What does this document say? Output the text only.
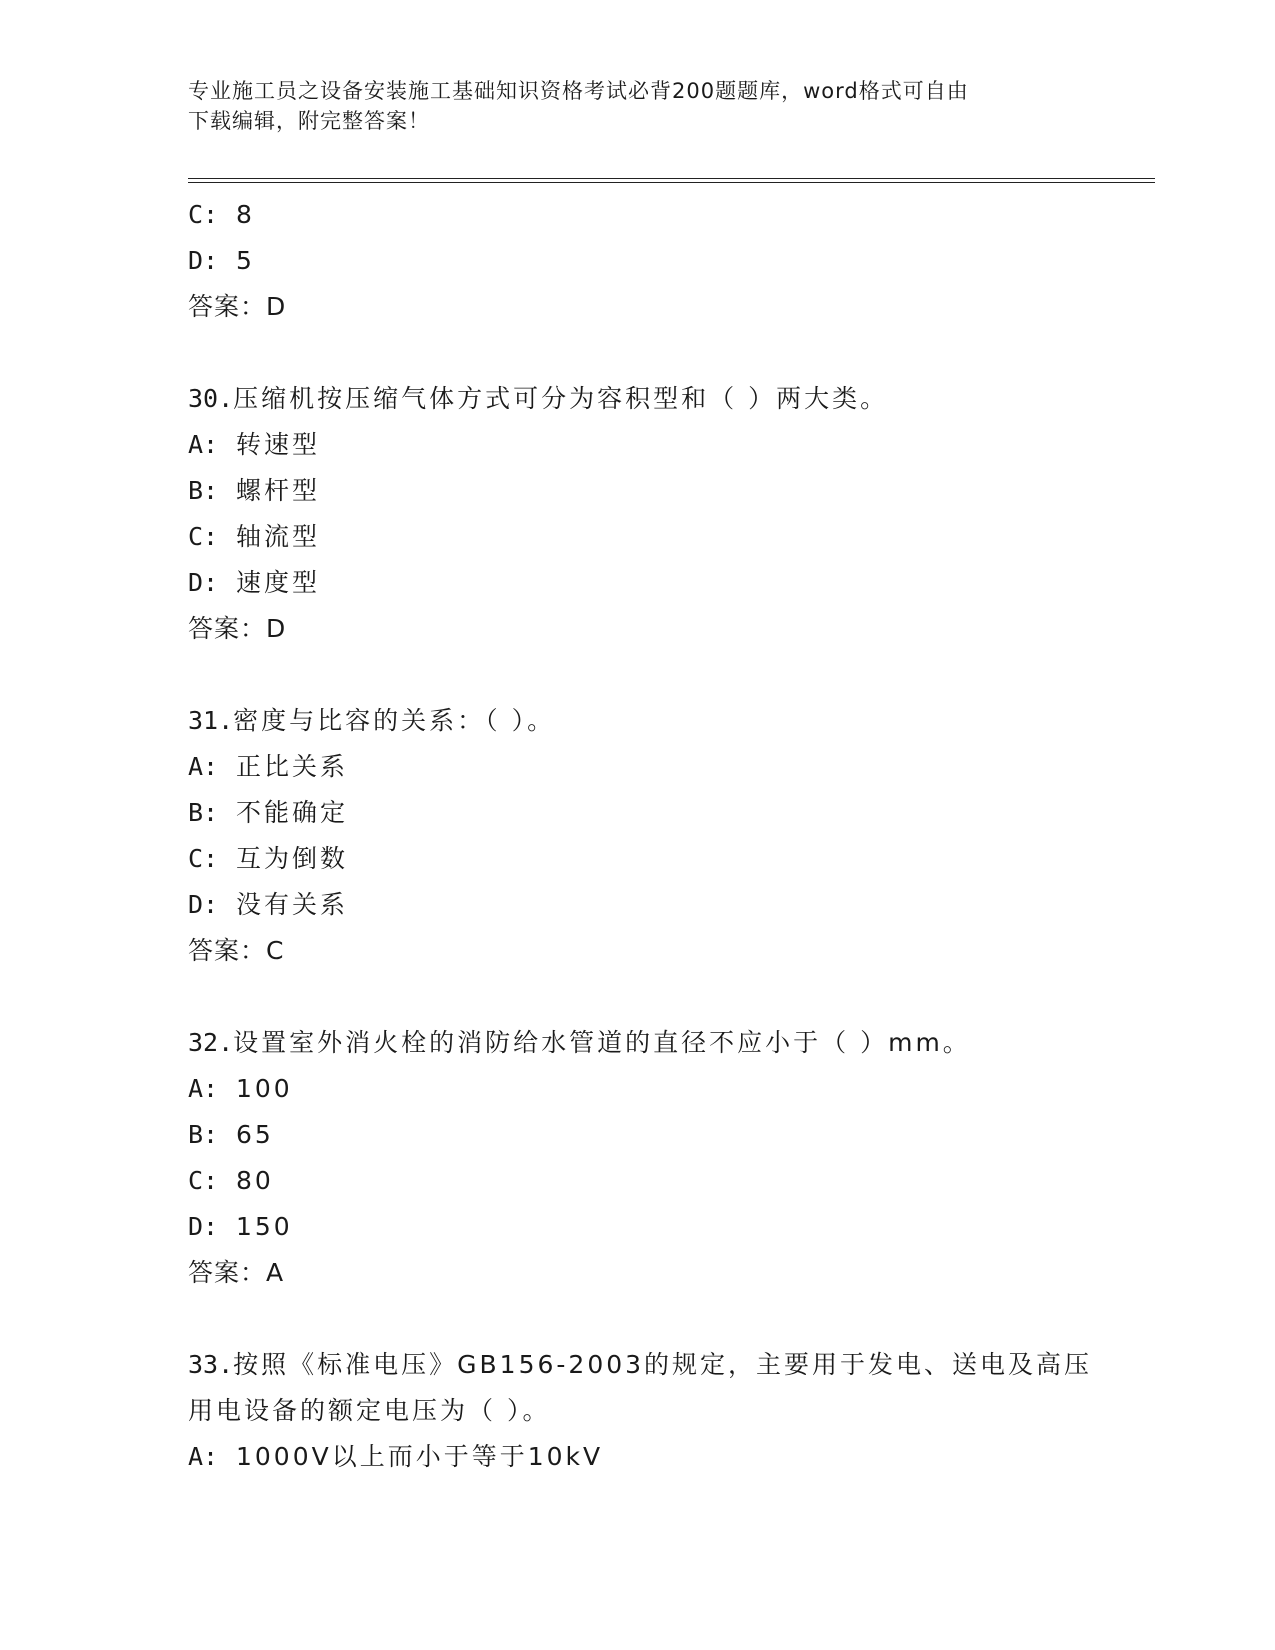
专业施工员之设备安装施工基础知识资格考试必背200题题库，word格式可自由
下载编辑，附完整答案！
C: 8
D: 5
答案：D
30.压缩机按压缩气体方式可分为容积型和（ ）两大类。
A: 转速型
B: 螺杆型
C: 轴流型
D: 速度型
答案：D
31.密度与比容的关系：（ ）。
A: 正比关系
B: 不能确定
C: 互为倒数
D: 没有关系
答案：C
32.设置室外消火栓的消防给水管道的直径不应小于（ ）mm。
A: 100
B: 65
C: 80
D: 150
答案：A
33.按照《标准电压》GB156-2003的规定，主要用于发电、送电及高压
用电设备的额定电压为（ ）。
A: 1000V以上而小于等于10kV
